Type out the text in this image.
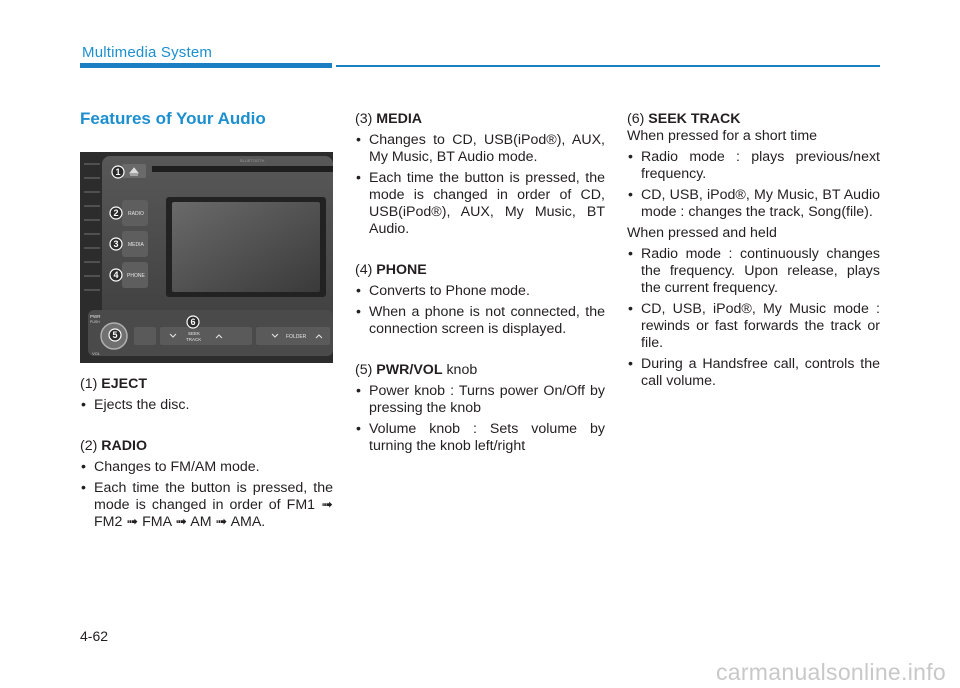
Multimedia System
Features of Your Audio
BLUETOOTH
RADIO
MEDIA
PHONE
PWR
PUSH
VOL
SEEK
TRACK	FOLDER
1
2
3
4
5
6

(1) EJECT

• Ejects the disc.

(2) RADIO

• Changes to FM/AM mode.
• Each time the button is pressed, the mode is changed in order of FM1 ➟ FM2 ➟ FMA ➟ AM ➟ AMA.

(3) MEDIA

• Changes to CD, USB(iPod®), AUX, My Music, BT Audio mode.
• Each time the button is pressed, the mode is changed in order of CD, USB(iPod®), AUX, My Music, BT Audio.

(4) PHONE

• Converts to Phone mode.
• When a phone is not connected, the connection screen is displayed.

(5) PWR/VOL knob

• Power knob : Turns power On/Off by pressing the knob
• Volume knob : Sets volume by turning the knob left/right

(6) SEEK TRACK

When pressed for a short time

• Radio mode : plays previous/next frequency.
• CD, USB, iPod®, My Music, BT Audio mode : changes the track, Song(file).

When pressed and held

• Radio mode : continuously changes the frequency. Upon release, plays the current frequency.
• CD, USB, iPod®, My Music mode : rewinds or fast forwards the track or file.
• During a Handsfree call, controls the call volume.
4-62
carmanualsonline.info
